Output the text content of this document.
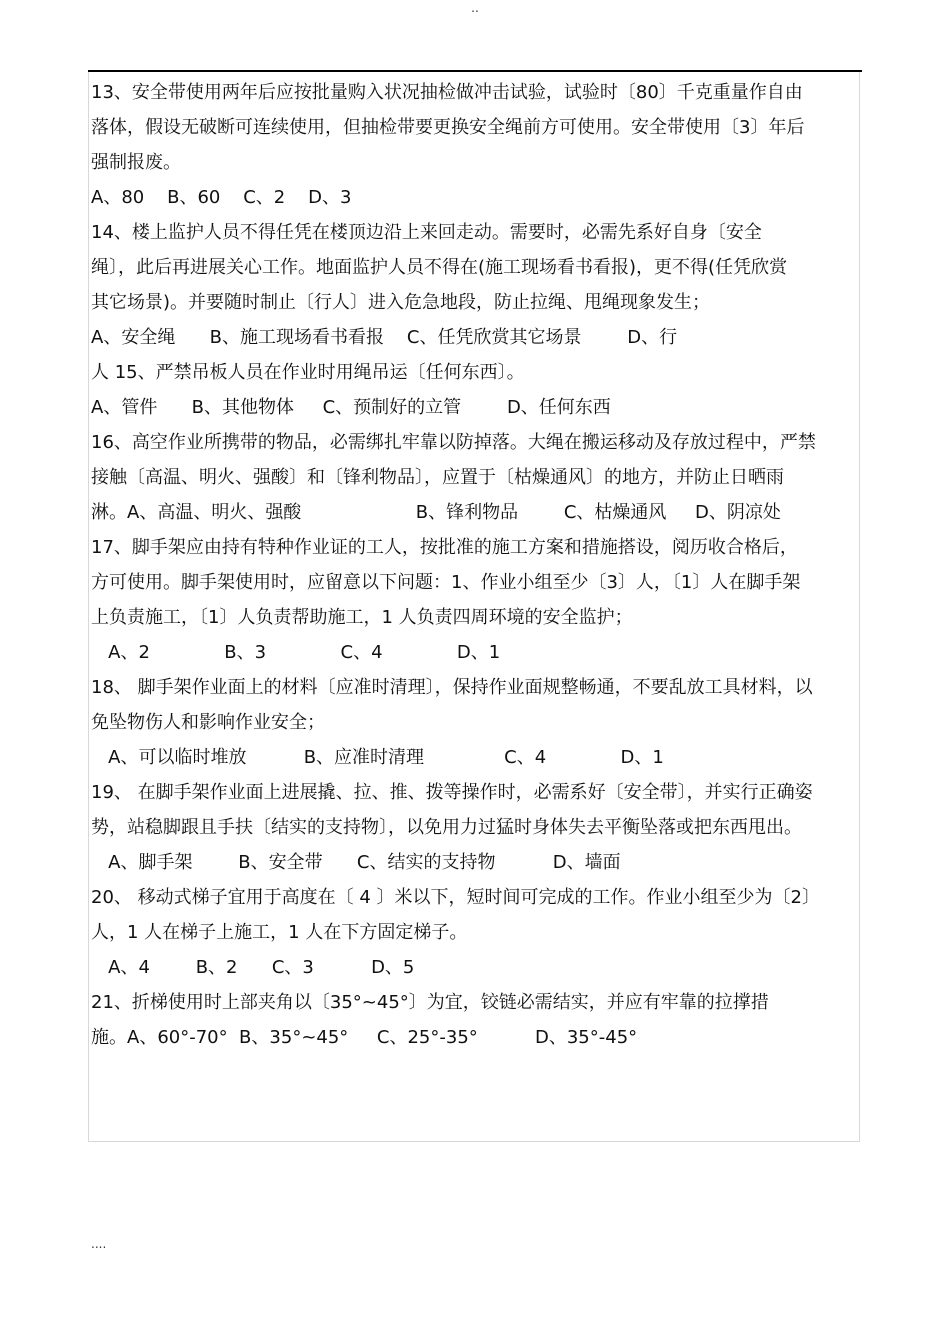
..
13、安全带使用两年后应按批量购入状况抽检做冲击试验，试验时〔80〕千克重量作自由
落体，假设无破断可连续使用，但抽检带要更换安全绳前方可使用。安全带使用〔3〕年后
强制报废。
A、80    B、60    C、2    D、3
14、楼上监护人员不得任凭在楼顶边沿上来回走动。需要时，必需先系好自身〔安全
绳〕，此后再进展关心工作。地面监护人员不得在(施工现场看书看报)，更不得(任凭欣赏
其它场景)。并要随时制止〔行人〕进入危急地段，防止拉绳、甩绳现象发生；
A、安全绳      B、施工现场看书看报    C、任凭欣赏其它场景        D、行
人 15、严禁吊板人员在作业时用绳吊运〔任何东西〕。
A、管件      B、其他物体     C、预制好的立管        D、任何东西
16、高空作业所携带的物品，必需绑扎牢靠以防掉落。大绳在搬运移动及存放过程中，严禁
接触〔高温、明火、强酸〕和〔锋利物品〕，应置于〔枯燥通风〕的地方，并防止日晒雨
淋。A、高温、明火、强酸                    B、锋利物品        C、枯燥通风     D、阴凉处
17、脚手架应由持有特种作业证的工人，按批准的施工方案和措施搭设，阅历收合格后，
方可使用。脚手架使用时，应留意以下问题：1、作业小组至少〔3〕人，〔1〕人在脚手架
上负责施工，〔1〕人负责帮助施工，1 人负责四周环境的安全监护；
A、2             B、3             C、4             D、1
18、 脚手架作业面上的材料〔应准时清理〕，保持作业面规整畅通，不要乱放工具材料，以
免坠物伤人和影响作业安全；
A、可以临时堆放          B、应准时清理              C、4             D、1
19、 在脚手架作业面上进展撬、拉、推、拨等操作时，必需系好〔安全带〕，并实行正确姿
势，站稳脚跟且手扶〔结实的支持物〕，以免用力过猛时身体失去平衡坠落或把东西甩出。
A、脚手架        B、安全带      C、结实的支持物          D、墙面
20、 移动式梯子宜用于高度在〔 4 〕米以下，短时间可完成的工作。作业小组至少为〔2〕
人，1 人在梯子上施工，1 人在下方固定梯子。
A、4        B、2      C、3          D、5
21、折梯使用时上部夹角以〔35°~45°〕为宜，铰链必需结实，并应有牢靠的拉撑措
施。A、60°-70°  B、35°~45°     C、25°-35°          D、35°-45°
....
